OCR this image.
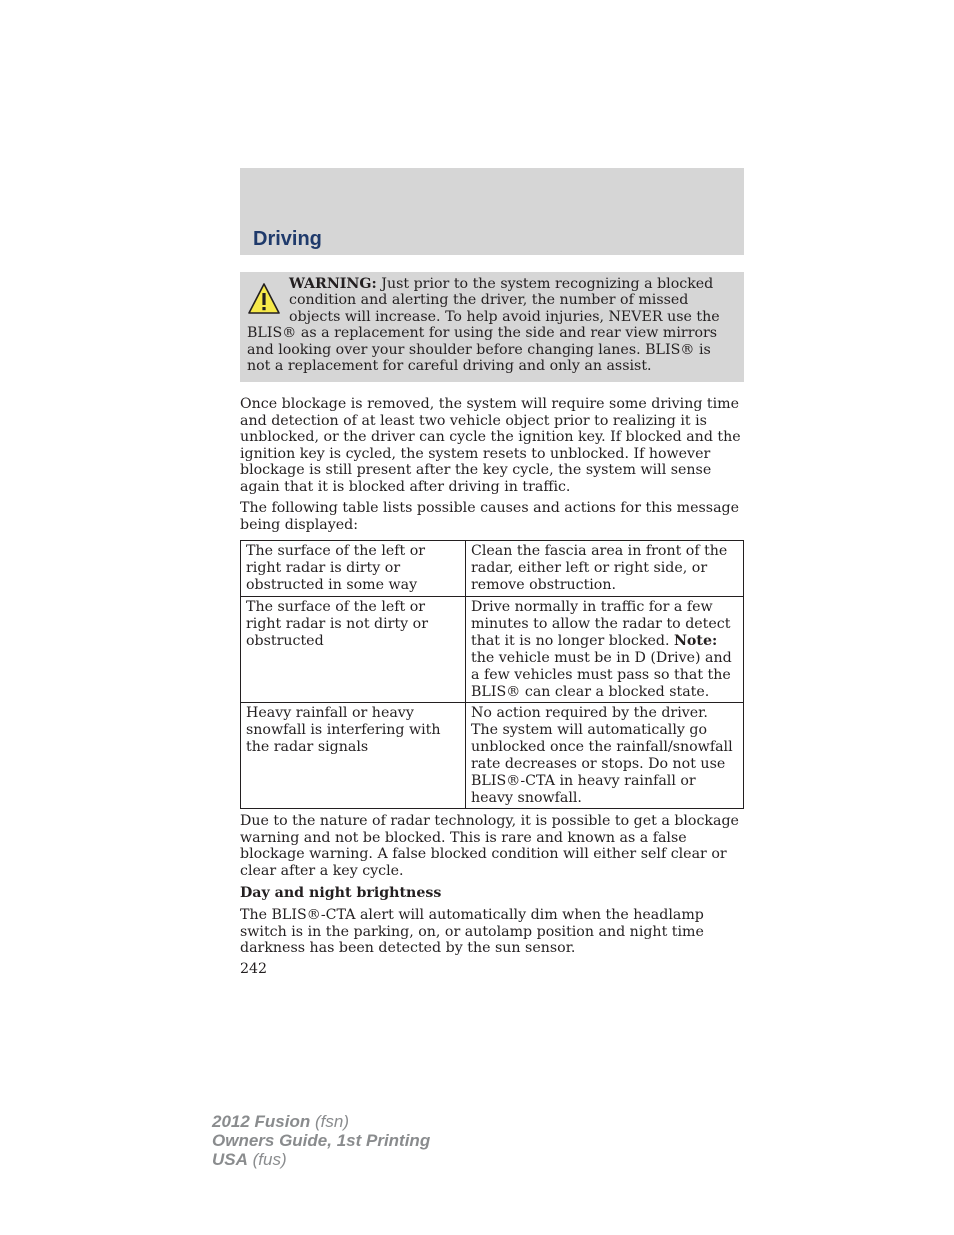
Driving
WARNING: Just prior to the system recognizing a blocked condition and alerting the driver, the number of missed objects will increase. To help avoid injuries, NEVER use the BLIS® as a replacement for using the side and rear view mirrors and looking over your shoulder before changing lanes. BLIS® is not a replacement for careful driving and only an assist.

Once blockage is removed, the system will require some driving time and detection of at least two vehicle object prior to realizing it is unblocked, or the driver can cycle the ignition key. If blocked and the ignition key is cycled, the system resets to unblocked. If however blockage is still present after the key cycle, the system will sense again that it is blocked after driving in traffic.

The following table lists possible causes and actions for this message being displayed:

The surface of the left or right radar is dirty or obstructed in some way	Clean the fascia area in front of the radar, either left or right side, or remove obstruction.
The surface of the left or right radar is not dirty or obstructed	Drive normally in traffic for a few minutes to allow the radar to detect that it is no longer blocked. Note: the vehicle must be in D (Drive) and a few vehicles must pass so that the BLIS® can clear a blocked state.
Heavy rainfall or heavy snowfall is interfering with the radar signals	No action required by the driver. The system will automatically go unblocked once the rainfall/snowfall rate decreases or stops. Do not use BLIS®-CTA in heavy rainfall or heavy snowfall.

Due to the nature of radar technology, it is possible to get a blockage warning and not be blocked. This is rare and known as a false blockage warning. A false blocked condition will either self clear or clear after a key cycle.

Day and night brightness

The BLIS®-CTA alert will automatically dim when the headlamp switch is in the parking, on, or autolamp position and night time darkness has been detected by the sun sensor.

242

2012 Fusion (fsn)
Owners Guide, 1st Printing
USA (fus)
